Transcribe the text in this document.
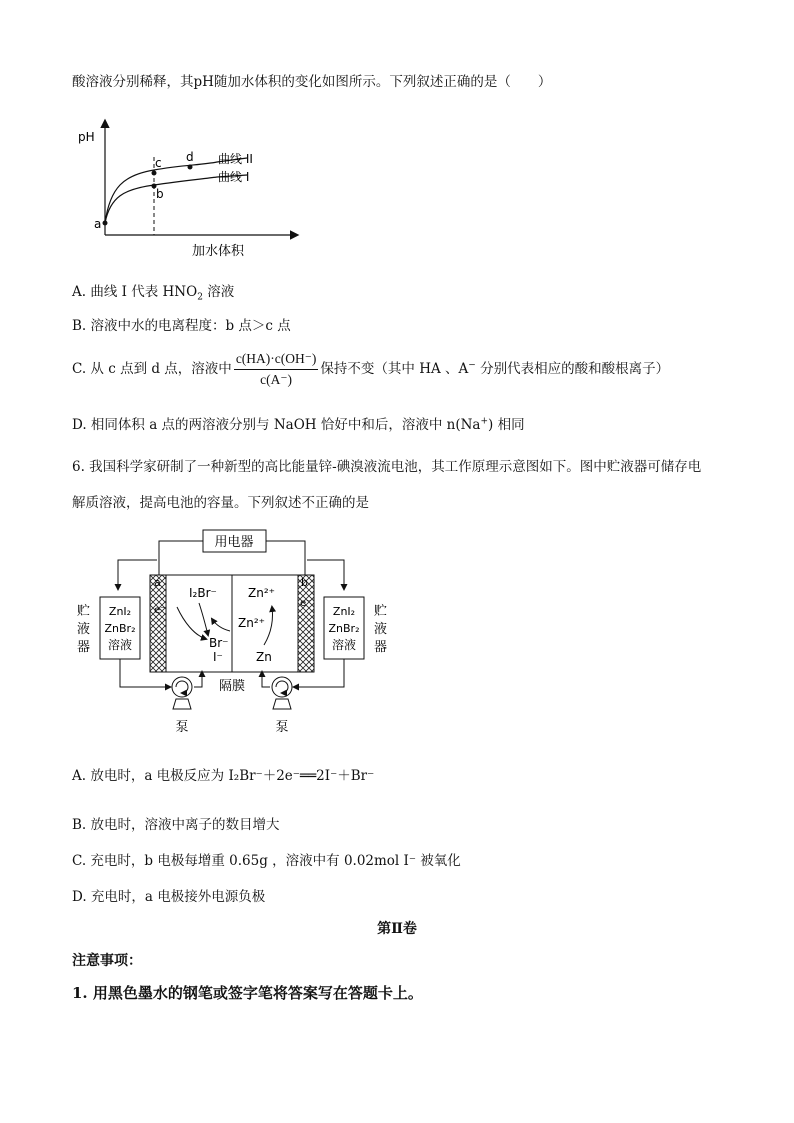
酸溶液分别稀释，其pH随加水体积的变化如图所示。下列叙述正确的是（　　）
pH
加水体积
a
c
b
d 曲线 II
曲线 I
A. 曲线 I 代表 $HNO_2$ 溶液
B. 溶液中水的电离程度：b 点＞c 点
C. 从 c 点到 d 点，溶液中 $\frac{c(HA)\cdot c(OH^-)}{c(A^-)}$ 保持不变（其中 HA 、A− 分别代表相应的酸和酸根离子）
D. 相同体积 a 点的两溶液分别与 NaOH 恰好中和后，溶液中 n(Na+) 相同
6. 我国科学家研制了一种新型的高比能量锌-碘溴液流电池，其工作原理示意图如下。图中贮液器可储存电
解质溶液，提高电池的容量。下列叙述不正确的是
用电器
a	b
e⁻
e⁻
I₂Br⁻
Br⁻
I⁻
Zn²⁺
Zn²⁺
Zn
ZnI₂
ZnBr₂
溶液
ZnI₂
ZnBr₂
溶液
贮
液
器
贮
液
器
泵	泵
隔膜
A. 放电时，a 电极反应为 I₂Br⁻＋2e⁻══2I⁻＋Br⁻
B. 放电时，溶液中离子的数目增大
C. 充电时，b 电极每增重 0.65g ，溶液中有 0.02mol I⁻ 被氧化
D. 充电时，a 电极接外电源负极
第Ⅱ卷
注意事项：
1. 用黑色墨水的钢笔或签字笔将答案写在答题卡上。
